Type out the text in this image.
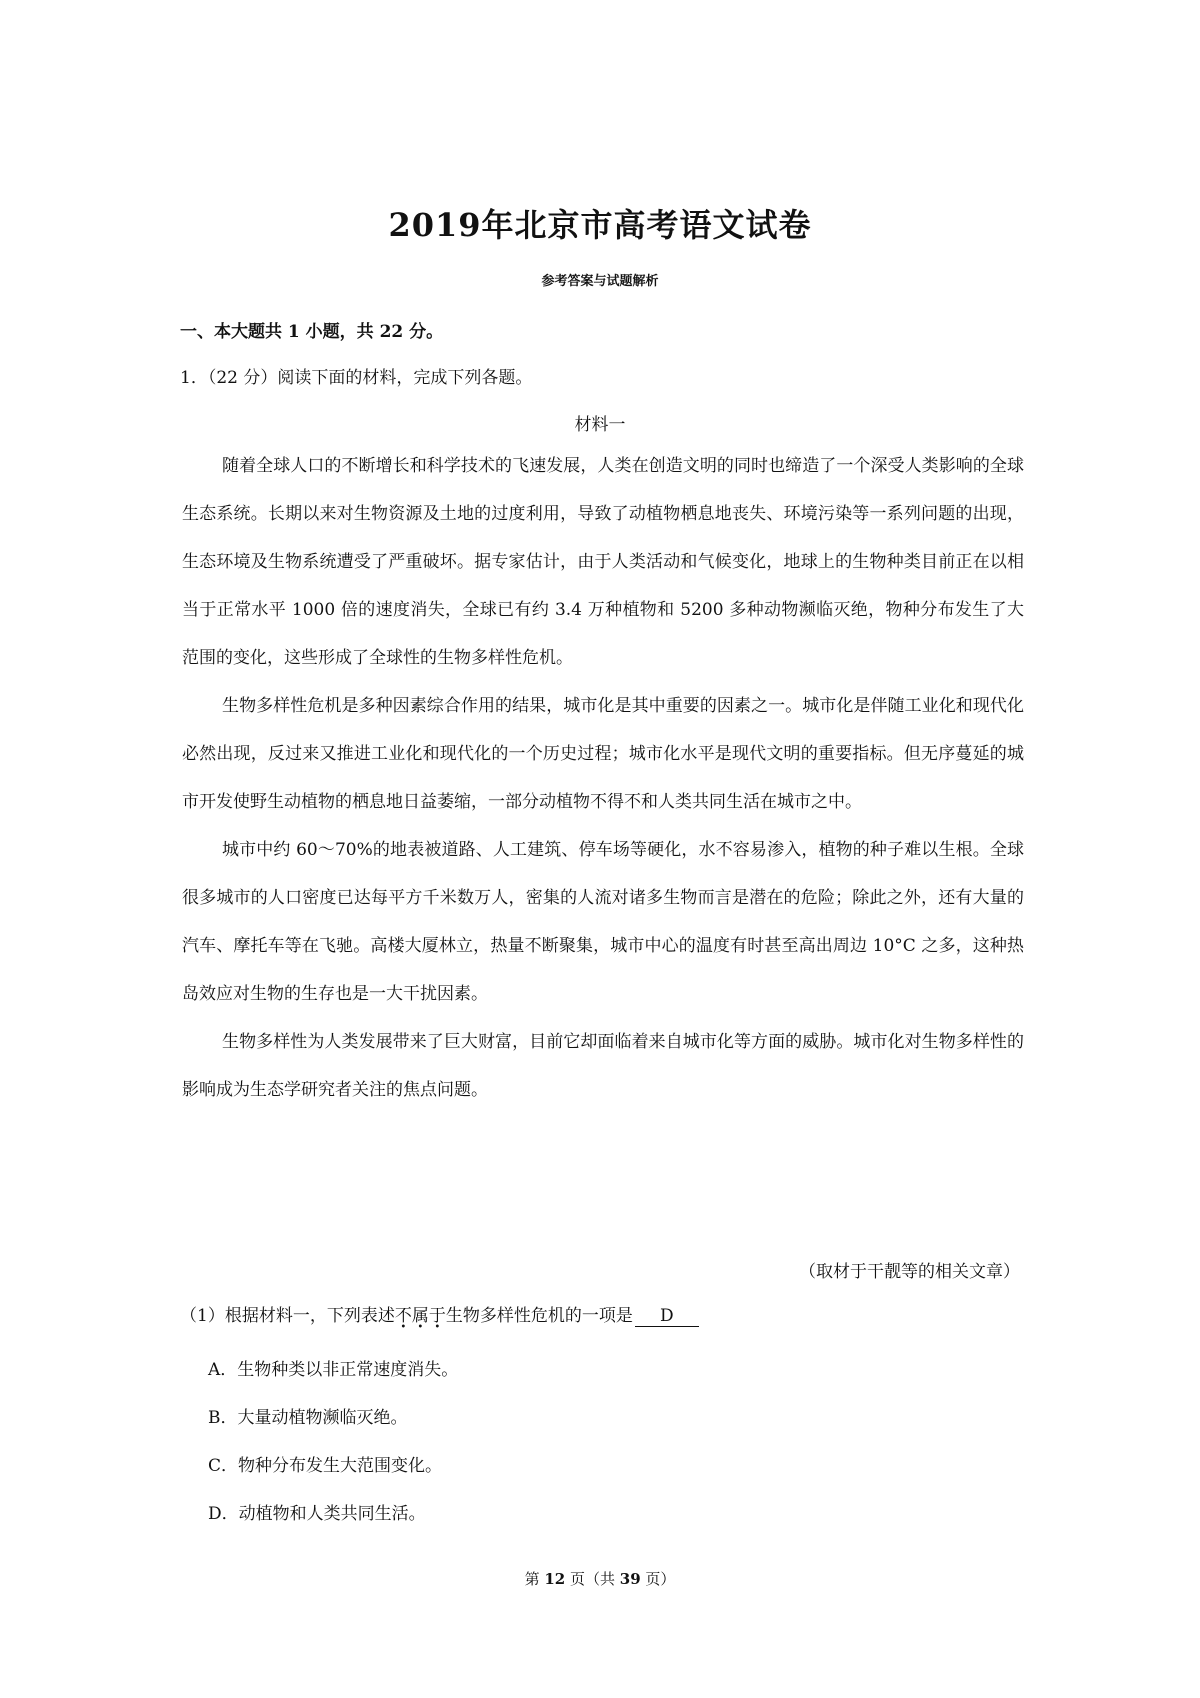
2019年北京市高考语文试卷
参考答案与试题解析
一、本大题共 1 小题，共 22 分。
1．（22 分）阅读下面的材料，完成下列各题。
材料一

随着全球人口的不断增长和科学技术的飞速发展，人类在创造文明的同时也缔造了一个深受人类影响的全球生态系统。长期以来对生物资源及土地的过度利用，导致了动植物栖息地丧失、环境污染等一系列问题的出现，生态环境及生物系统遭受了严重破坏。据专家估计，由于人类活动和气候变化，地球上的生物种类目前正在以相当于正常水平 1000 倍的速度消失，全球已有约 3.4 万种植物和 5200 多种动物濒临灭绝，物种分布发生了大范围的变化，这些形成了全球性的生物多样性危机。

生物多样性危机是多种因素综合作用的结果，城市化是其中重要的因素之一。城市化是伴随工业化和现代化必然出现，反过来又推进工业化和现代化的一个历史过程；城市化水平是现代文明的重要指标。但无序蔓延的城市开发使野生动植物的栖息地日益萎缩，一部分动植物不得不和人类共同生活在城市之中。

城市中约 60～70%的地表被道路、人工建筑、停车场等硬化，水不容易渗入，植物的种子难以生根。全球很多城市的人口密度已达每平方千米数万人，密集的人流对诸多生物而言是潜在的危险；除此之外，还有大量的汽车、摩托车等在飞驰。高楼大厦林立，热量不断聚集，城市中心的温度有时甚至高出周边 10°C 之多，这种热岛效应对生物的生存也是一大干扰因素。

生物多样性为人类发展带来了巨大财富，目前它却面临着来自城市化等方面的威胁。城市化对生物多样性的影响成为生态学研究者关注的焦点问题。

（取材于干靓等的相关文章）
（1）根据材料一，下列表述不属于生物多样性危机的一项是 D
A．生物种类以非正常速度消失。
B．大量动植物濒临灭绝。
C．物种分布发生大范围变化。
D．动植物和人类共同生活。
第 12 页（共 39 页）
